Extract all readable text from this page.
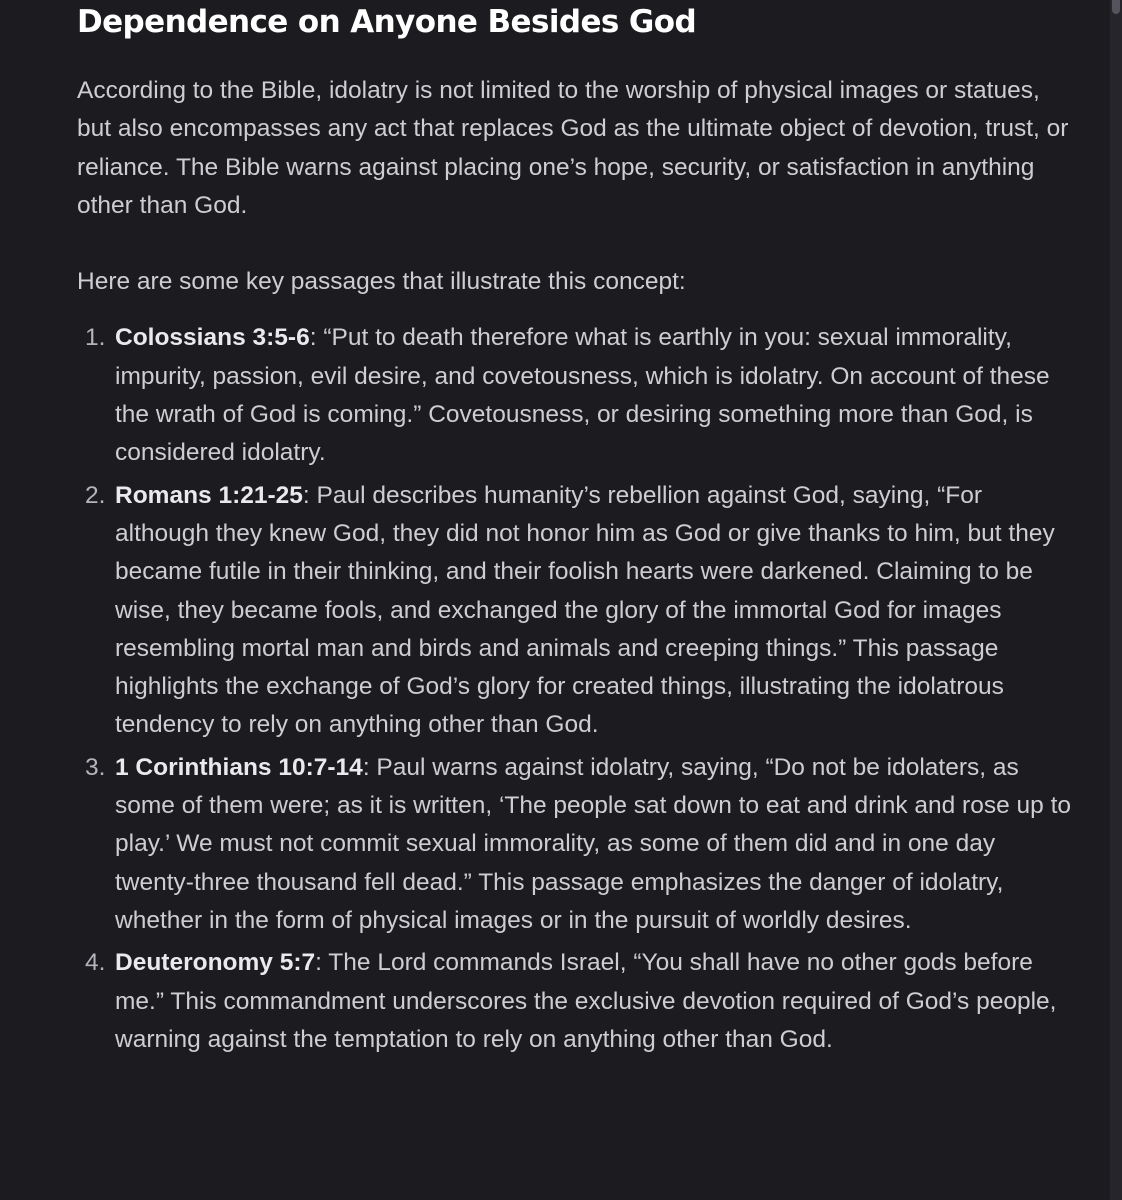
Dependence on Anyone Besides God

According to the Bible, idolatry is not limited to the worship of physical images or statues, but also encompasses any act that replaces God as the ultimate object of devotion, trust, or reliance. The Bible warns against placing one’s hope, security, or satisfaction in anything other than God.

Here are some key passages that illustrate this concept:

1. Colossians 3:5-6: “Put to death therefore what is earthly in you: sexual immorality, impurity, passion, evil desire, and covetousness, which is idolatry. On account of these the wrath of God is coming.” Covetousness, or desiring something more than God, is considered idolatry.
2. Romans 1:21-25: Paul describes humanity’s rebellion against God, saying, “For although they knew God, they did not honor him as God or give thanks to him, but they became futile in their thinking, and their foolish hearts were darkened. Claiming to be wise, they became fools, and exchanged the glory of the immortal God for images resembling mortal man and birds and animals and creeping things.” This passage highlights the exchange of God’s glory for created things, illustrating the idolatrous tendency to rely on anything other than God.
3. 1 Corinthians 10:7-14: Paul warns against idolatry, saying, “Do not be idolaters, as some of them were; as it is written, ‘The people sat down to eat and drink and rose up to play.’ We must not commit sexual immorality, as some of them did and in one day twenty-three thousand fell dead.” This passage emphasizes the danger of idolatry, whether in the form of physical images or in the pursuit of worldly desires.
4. Deuteronomy 5:7: The Lord commands Israel, “You shall have no other gods before me.” This commandment underscores the exclusive devotion required of God’s people, warning against the temptation to rely on anything other than God.
